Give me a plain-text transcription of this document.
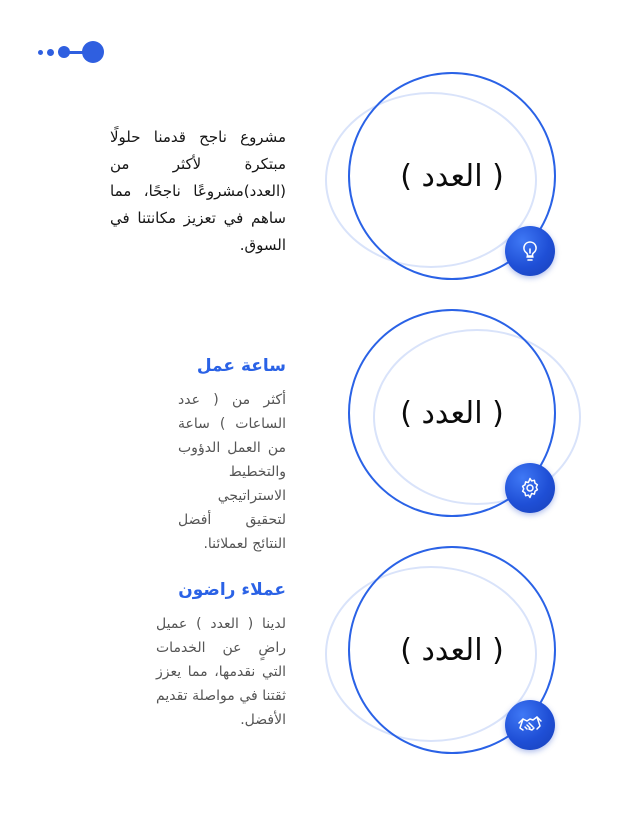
( العدد )
مشروع ناجح قدمنا حلولًا مبتكرة لأكثر من (العدد)مشروعًا ناجحًا، مما ساهم في تعزيز مكانتنا في السوق.
( العدد )
ساعة عمل
أكثر من ( عدد الساعات ) ساعة من العمل الدؤوب والتخطيط الاستراتيجي لتحقيق أفضل النتائج لعملائنا.
( العدد )
عملاء راضون
لدينا ( العدد ) عميل راضٍ عن الخدمات التي نقدمها، مما يعزز ثقتنا في مواصلة تقديم الأفضل.
